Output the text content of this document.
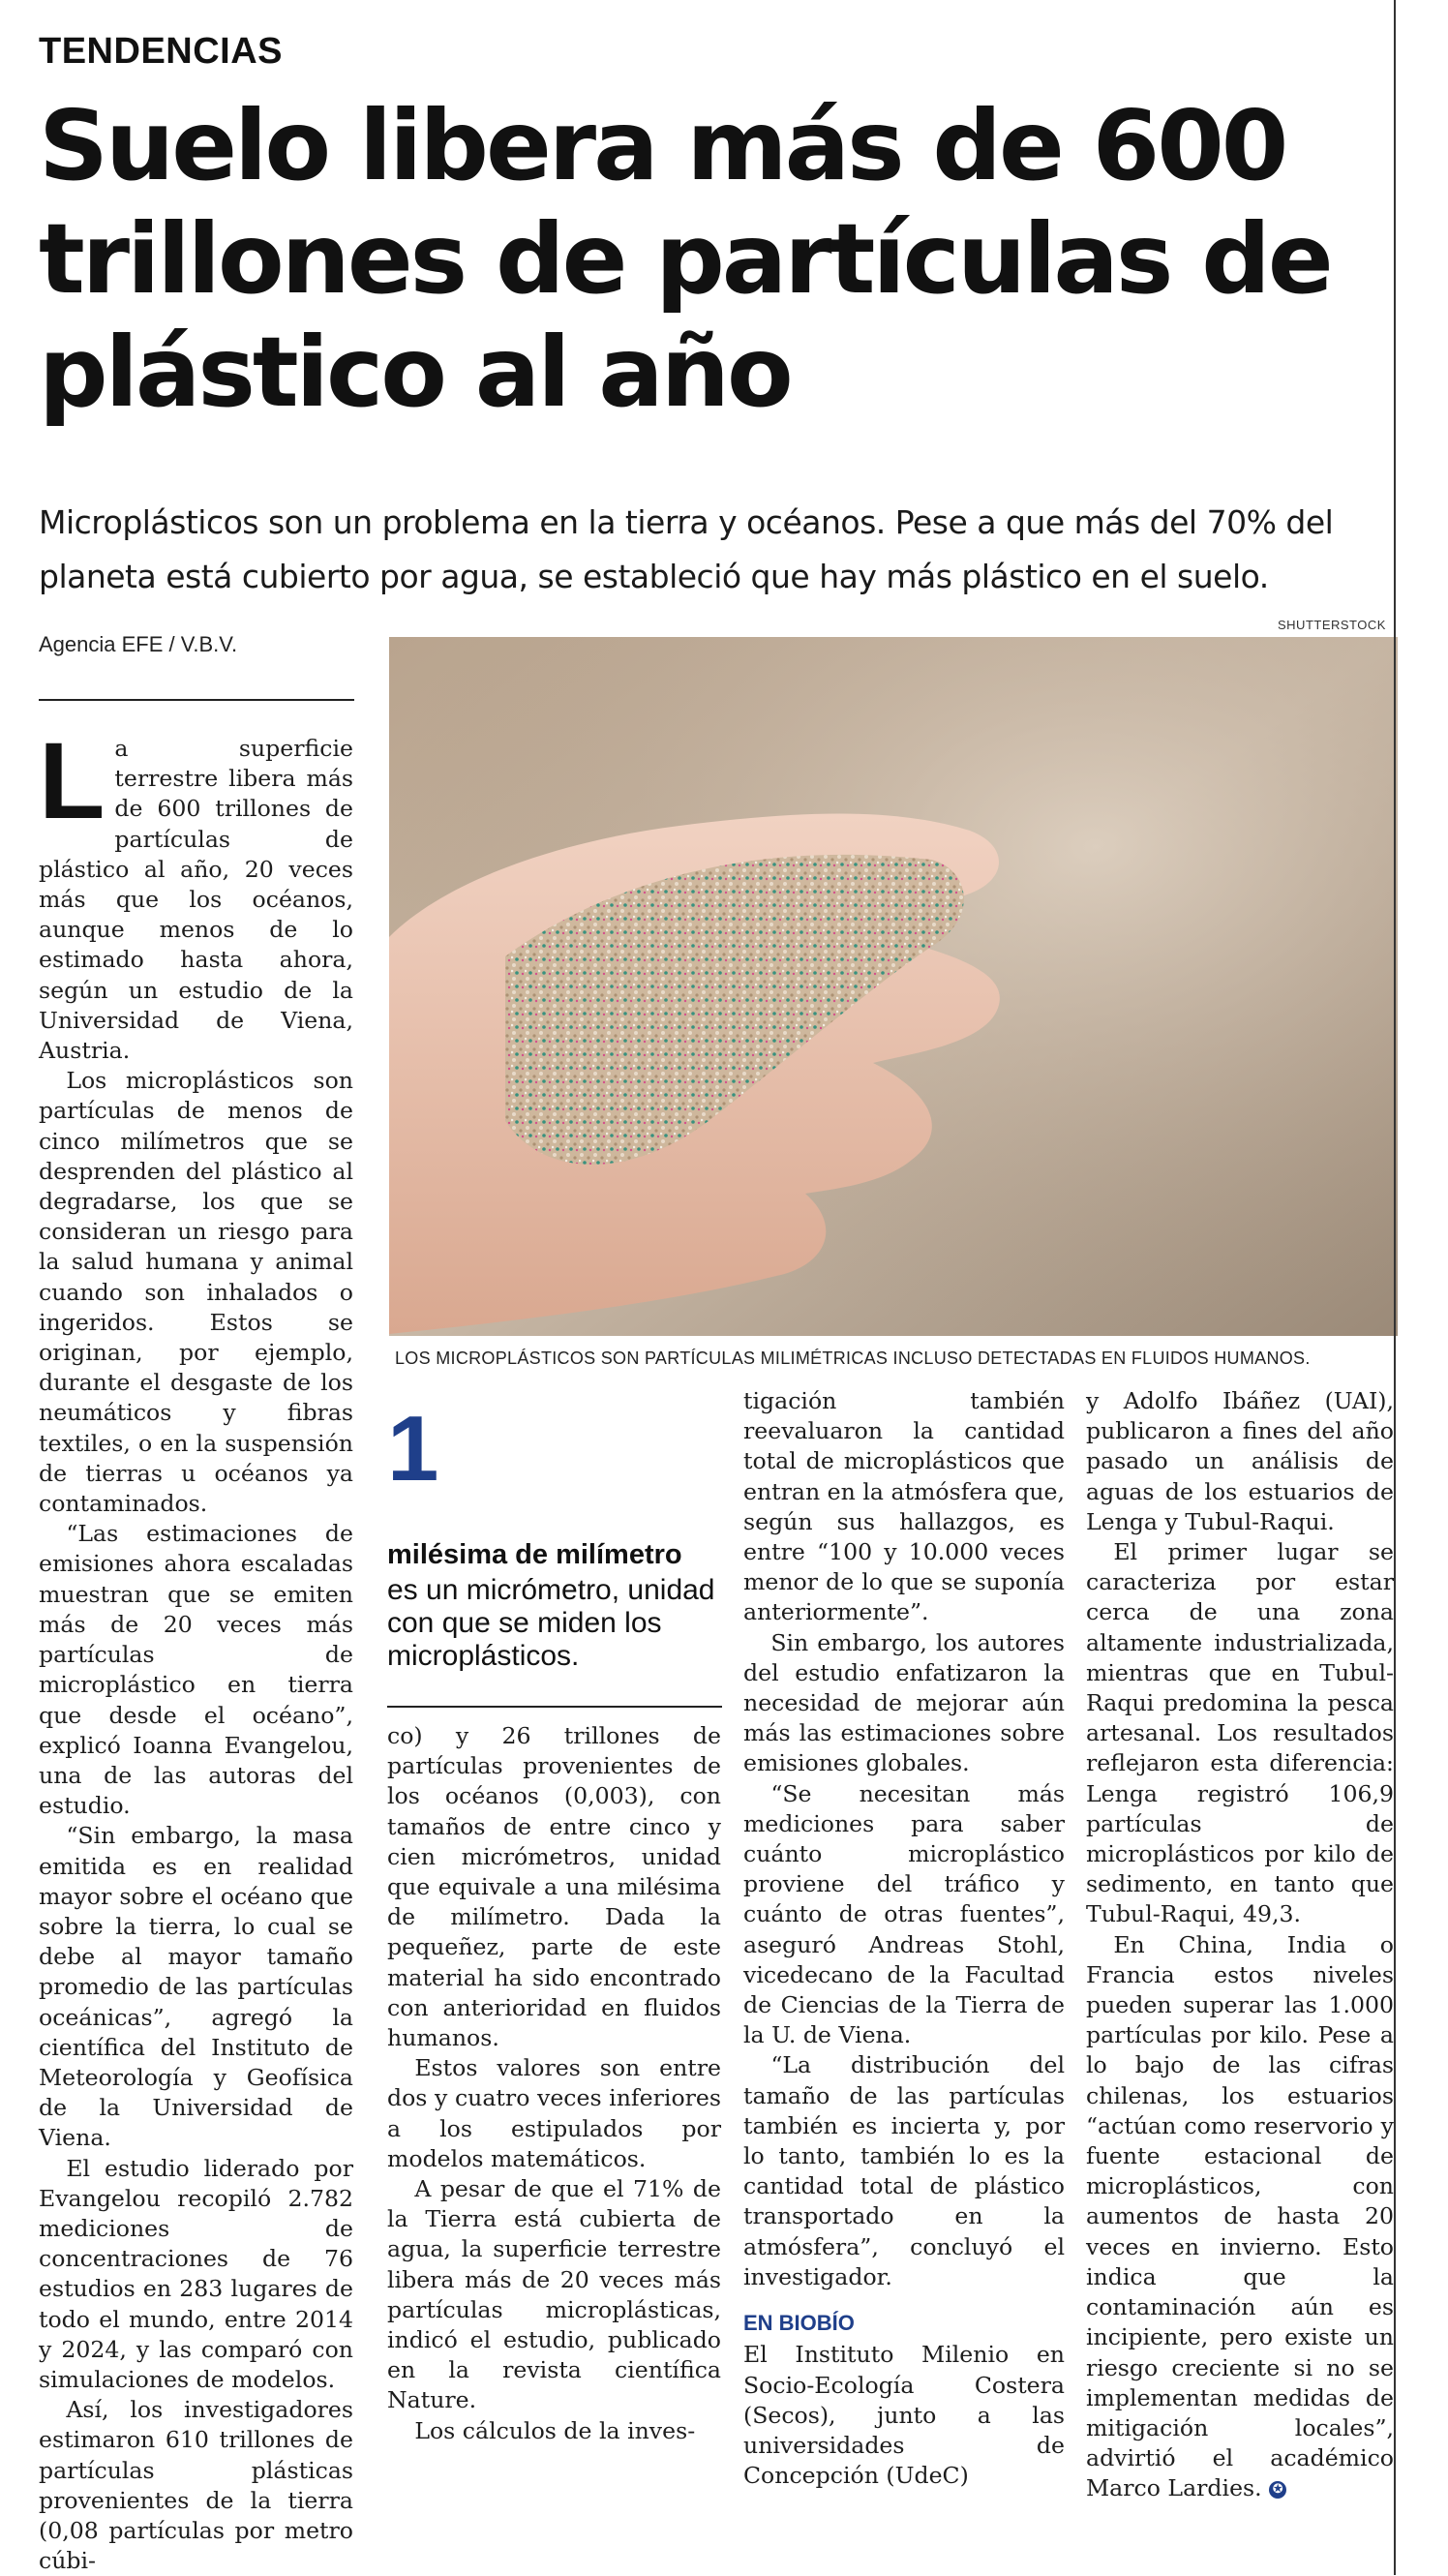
TENDENCIAS
Suelo libera más de 600 trillones de partículas de plástico al año
Microplásticos son un problema en la tierra y océanos. Pese a que más del 70% del planeta está cubierto por agua, se estableció que hay más plástico en el suelo.
Agencia EFE / V.B.V.
SHUTTERSTOCK
LOS MICROPLÁSTICOS SON PARTÍCULAS MILIMÉTRICAS INCLUSO DETECTADAS EN FLUIDOS HUMANOS.

La superficie terrestre libera más de 600 trillones de partículas de plástico al año, 20 veces más que los océanos, aunque menos de lo estimado hasta ahora, según un estudio de la Universidad de Viena, Austria.

Los microplásticos son partículas de menos de cinco milímetros que se desprenden del plástico al degradarse, los que se consideran un riesgo para la salud humana y animal cuando son inhalados o ingeridos. Estos se originan, por ejemplo, durante el desgaste de los neumáticos y fibras textiles, o en la suspensión de tierras u océanos ya contaminados.

“Las estimaciones de emisiones ahora escaladas muestran que se emiten más de 20 veces más partículas de microplástico en tierra que desde el océano”, explicó Ioanna Evangelou, una de las autoras del estudio.

“Sin embargo, la masa emitida es en realidad mayor sobre el océano que sobre la tierra, lo cual se debe al mayor tamaño promedio de las partículas oceánicas”, agregó la científica del Instituto de Meteorología y Geofísica de la Universidad de Viena.

El estudio liderado por Evangelou recopiló 2.782 mediciones de concentraciones de 76 estudios en 283 lugares de todo el mundo, entre 2014 y 2024, y las comparó con simulaciones de modelos.

Así, los investigadores estimaron 610 trillones de partículas plásticas provenientes de la tierra (0,08 partículas por metro cúbi-

1
milésima de milímetro
es un micrómetro, unidad con que se miden los microplásticos.

co) y 26 trillones de partículas provenientes de los océanos (0,003), con tamaños de entre cinco y cien micrómetros, unidad que equivale a una milésima de milímetro. Dada la pequeñez, parte de este material ha sido encontrado con anterioridad en fluidos humanos.

Estos valores son entre dos y cuatro veces inferiores a los estipulados por modelos matemáticos.

A pesar de que el 71% de la Tierra está cubierta de agua, la superficie terrestre libera más de 20 veces más partículas microplásticas, indicó el estudio, publicado en la revista científica Nature.

Los cálculos de la inves-

tigación también reevaluaron la cantidad total de microplásticos que entran en la atmósfera que, según sus hallazgos, es entre “100 y 10.000 veces menor de lo que se suponía anteriormente”.

Sin embargo, los autores del estudio enfatizaron la necesidad de mejorar aún más las estimaciones sobre emisiones globales.

“Se necesitan más mediciones para saber cuánto microplástico proviene del tráfico y cuánto de otras fuentes”, aseguró Andreas Stohl, vicedecano de la Facultad de Ciencias de la Tierra de la U. de Viena.

“La distribución del tamaño de las partículas también es incierta y, por lo tanto, también lo es la cantidad total de plástico transportado en la atmósfera”, concluyó el investigador.

EN BIOBÍO

El Instituto Milenio en Socio-Ecología Costera (Secos), junto a las universidades de Concepción (UdeC)

y Adolfo Ibáñez (UAI), publicaron a fines del año pasado un análisis de aguas de los estuarios de Lenga y Tubul-Raqui.

El primer lugar se caracteriza por estar cerca de una zona altamente industrializada, mientras que en Tubul-Raqui predomina la pesca artesanal. Los resultados reflejaron esta diferencia: Lenga registró 106,9 partículas de microplásticos por kilo de sedimento, en tanto que Tubul-Raqui, 49,3.

En China, India o Francia estos niveles pueden superar las 1.000 partículas por kilo. Pese a lo bajo de las cifras chilenas, los estuarios “actúan como reservorio y fuente estacional de microplásticos, con aumentos de hasta 20 veces en invierno. Esto indica que la contaminación aún es incipiente, pero existe un riesgo creciente si no se implementan medidas de mitigación locales”, advirtió el académico Marco Lardies. ✪
